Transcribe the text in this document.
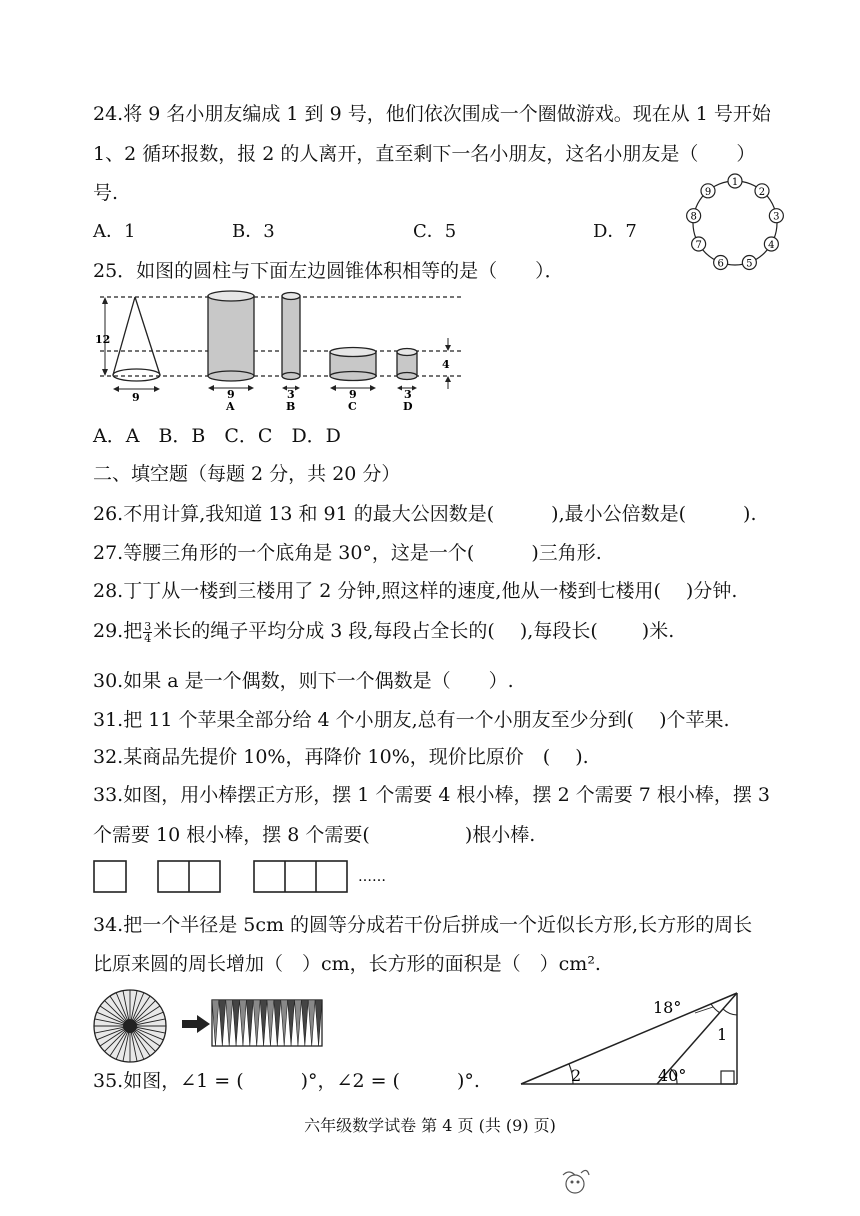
24.将 9 名小朋友编成 1 到 9 号，他们依次围成一个圈做游戏。现在从 1 号开始
1、2 循环报数，报 2 的人离开，直至剩下一名小朋友，这名小朋友是（　　）
号.
A．1	B．3	C．5	D．7
1
2
3
4
5
6
7
8
9
25．如图的圆柱与下面左边圆锥体积相等的是（　　）．
12
9	9
A
3
B
9
C
3
D
4
A．A　B．B　C．C　D．D
二、填空题（每题 2 分，共 20 分）
26.不用计算,我知道 13 和 91 的最大公因数是(　　　),最小公倍数是(　　　).
27.等腰三角形的一个底角是 30°，这是一个(　　　)三角形.
28.丁丁从一楼到三楼用了 2 分钟,照这样的速度,他从一楼到七楼用(　 )分钟.
29.把 $\frac{3}{4}$ 米长的绳子平均分成 3 段,每段占全长的(　 ),每段长(　　 )米.
30.如果 a 是一个偶数，则下一个偶数是（　　）.
31.把 11 个苹果全部分给 4 个小朋友,总有一个小朋友至少分到(　 )个苹果.
32.某商品先提价 10%，再降价 10%，现价比原价　(　 ).
33.如图，用小棒摆正方形，摆 1 个需要 4 根小棒，摆 2 个需要 7 根小棒，摆 3
个需要 10 根小棒，摆 8 个需要(　　　　　)根小棒.
……
34.把一个半径是 5cm 的圆等分成若干份后拼成一个近似长方形,长方形的周长
比原来圆的周长增加（　）cm，长方形的面积是（　）cm².
35.如图，∠1 = (　　　)°，∠2 = (　　　)°.
18°
1
2	40°
六年级数学试卷 第 4 页 (共 (9) 页)
